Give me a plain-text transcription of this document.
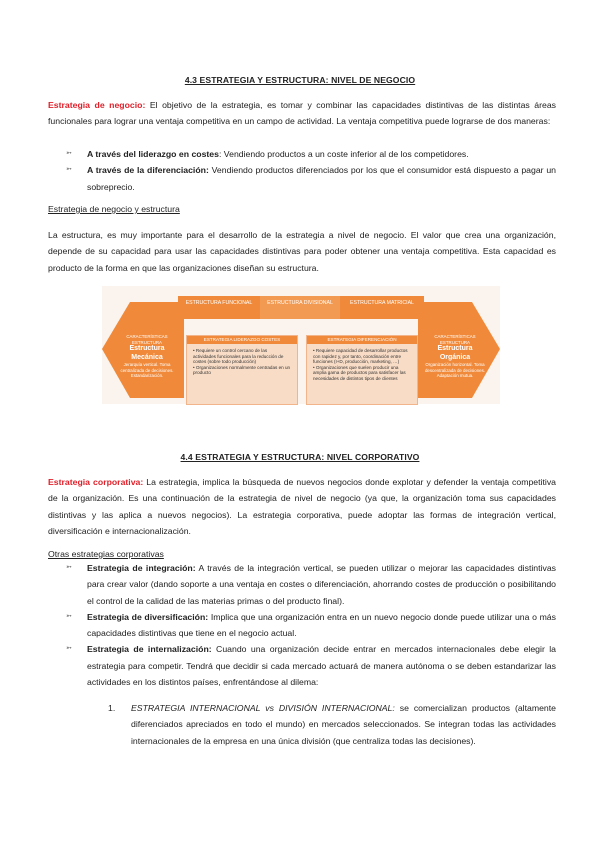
4.3 ESTRATEGIA Y ESTRUCTURA: NIVEL DE NEGOCIO

Estrategia de negocio: El objetivo de la estrategia, es tomar y combinar las capacidades distintivas de las distintas áreas funcionales para lograr una ventaja competitiva en un campo de actividad. La ventaja competitiva puede lograrse de dos maneras:

➳ A través del liderazgo en costes: Vendiendo productos a un coste inferior al de los competidores.
➳ A través de la diferenciación: Vendiendo productos diferenciados por los que el consumidor está dispuesto a pagar un sobreprecio.
Estrategia de negocio y estructura

La estructura, es muy importante para el desarrollo de la estrategia a nivel de negocio. El valor que crea una organización, depende de su capacidad para usar las capacidades distintivas para poder obtener una ventaja competitiva. Esta capacidad es producto de la forma en que las organizaciones diseñan su estructura.

ESTRUCTURA FUNCIONAL	ESTRUCTURA DIVISIONAL	ESTRUCTURA MATRICIAL
CARACTERÍSTICAS ESTRUCTURA
Estructura Mecánica
Jerarquía vertical. Toma centralizada de decisiones. Estandarización.
CARACTERÍSTICAS ESTRUCTURA
Estructura Orgánica
Organización horizontal. Toma descentralizada de decisiones. Adaptación mutua.
ESTRATEGIA LIDERAZGO COSTES
• Requiere un control cercano de las actividades funcionales para la reducción de costes (sobre todo producción)
• Organizaciones normalmente centradas en un producto
ESTRATEGIA DIFERENCIACIÓN
• Requiere capacidad de desarrollar productos con rapidez y, por tanto, coordinación entre funciones (I+D, producción, marketing, …)
• Organizaciones que suelen producir una amplia gama de productos para satisfacer las necesidades de distintos tipos de clientes
4.4 ESTRATEGIA Y ESTRUCTURA: NIVEL CORPORATIVO

Estrategia corporativa: La estrategia, implica la búsqueda de nuevos negocios donde explotar y defender la ventaja competitiva de la organización. Es una continuación de la estrategia de nivel de negocio (ya que, la organización toma sus capacidades distintivas y las aplica a nuevos negocios). La estrategia corporativa, puede adoptar las formas de integración vertical, diversificación e internacionalización.

Otras estrategias corporativas
➳ Estrategia de integración: A través de la integración vertical, se pueden utilizar o mejorar las capacidades distintivas para crear valor (dando soporte a una ventaja en costes o diferenciación, ahorrando costes de producción o posibilitando el control de la calidad de las materias primas o del producto final).
➳ Estrategia de diversificación: Implica que una organización entra en un nuevo negocio donde puede utilizar una o más capacidades distintivas que tiene en el negocio actual.
➳ Estrategia de internalización: Cuando una organización decide entrar en mercados internacionales debe elegir la estrategia para competir. Tendrá que decidir si cada mercado actuará de manera autónoma o se deben estandarizar las actividades en los distintos países, enfrentándose al dilema:
1. ESTRATEGIA INTERNACIONAL vs DIVISIÓN INTERNACIONAL: se comercializan productos (altamente diferenciados apreciados en todo el mundo) en mercados seleccionados. Se integran todas las actividades internacionales de la empresa en una única división (que centraliza todas las decisiones).
